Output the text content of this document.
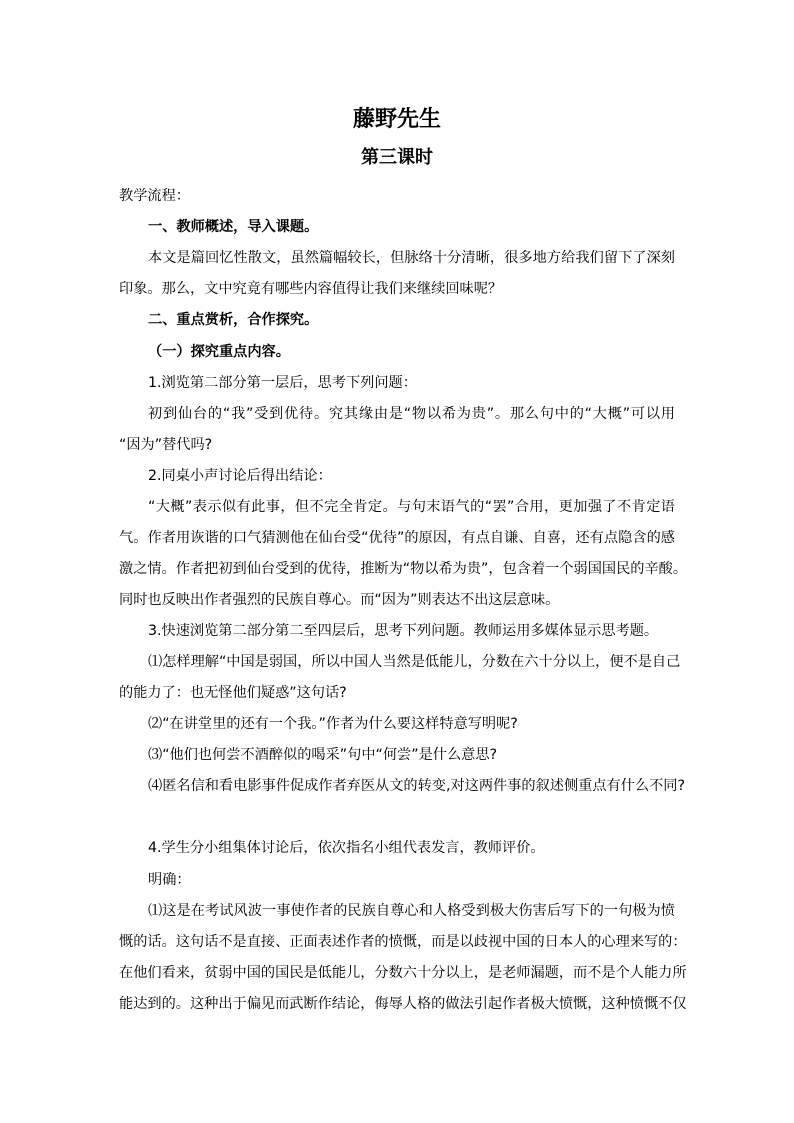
藤野先生
第三课时

教学流程：

一、教师概述，导入课题。

本文是篇回忆性散文，虽然篇幅较长，但脉络十分清晰，很多地方给我们留下了深刻

印象。那么，文中究竟有哪些内容值得让我们来继续回味呢？

二、重点赏析，合作探究。

（一）探究重点内容。

1.浏览第二部分第一层后，思考下列问题：

初到仙台的“我”受到优待。究其缘由是“物以希为贵”。那么句中的“大概”可以用

“因为”替代吗?

2.同桌小声讨论后得出结论：

“大概”表示似有此事，但不完全肯定。与句末语气的“罢”合用，更加强了不肯定语

气。作者用诙谐的口气猜测他在仙台受“优待”的原因，有点自谦、自喜，还有点隐含的感

激之情。作者把初到仙台受到的优待，推断为“物以希为贵”，包含着一个弱国国民的辛酸。

同时也反映出作者强烈的民族自尊心。而“因为”则表达不出这层意味。

3.快速浏览第二部分第二至四层后，思考下列问题。教师运用多媒体显示思考题。

⑴怎样理解“中国是弱国，所以中国人当然是低能儿，分数在六十分以上，便不是自己

的能力了：也无怪他们疑惑”这句话?

⑵“在讲堂里的还有一个我。”作者为什么要这样特意写明呢?

⑶“他们也何尝不酒醉似的喝采”句中“何尝”是什么意思?

⑷匿名信和看电影事件促成作者弃医从文的转变,对这两件事的叙述侧重点有什么不同?

4.学生分小组集体讨论后，依次指名小组代表发言，教师评价。

明确：

⑴这是在考试风波一事使作者的民族自尊心和人格受到极大伤害后写下的一句极为愤

慨的话。这句话不是直接、正面表述作者的愤慨，而是以歧视中国的日本人的心理来写的：

在他们看来，贫弱中国的国民是低能儿，分数六十分以上，是老师漏题，而不是个人能力所

能达到的。这种出于偏见而武断作结论，侮辱人格的做法引起作者极大愤慨，这种愤慨不仅
